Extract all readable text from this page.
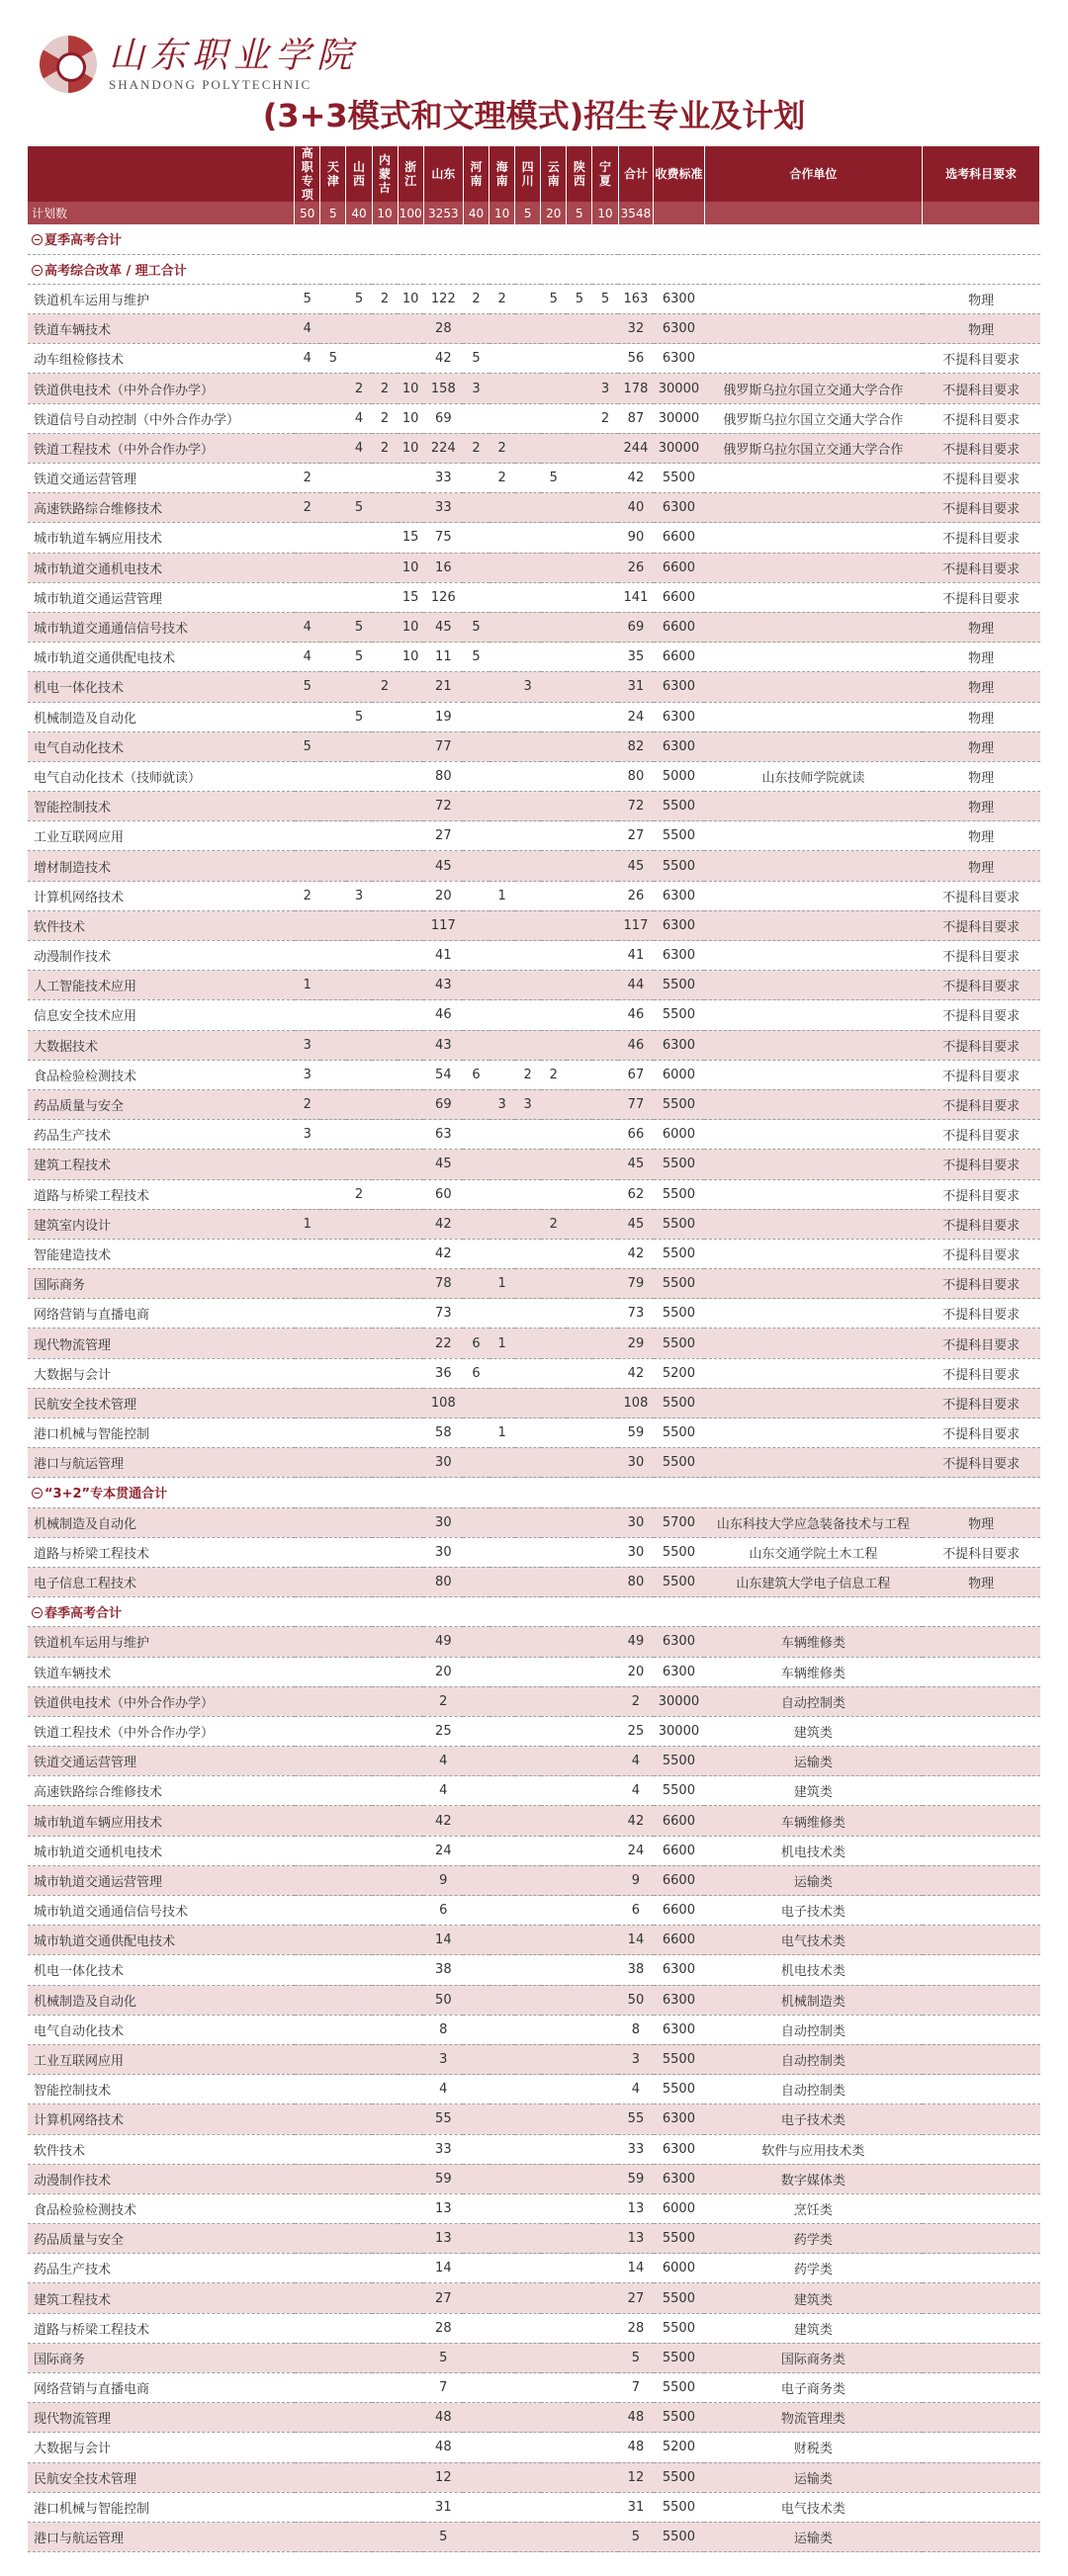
山东职业学院
SHANDONG POLYTECHNIC
(3+3模式和文理模式)招生专业及计划
	高职专项	天津	山西	内蒙古	浙江	山东	河南	海南	四川	云南	陕西	宁夏	合计	收费标准	合作单位	选考科目要求
计划数	50	5	40	10	100	3253	40	10	5	20	5	10	3548			
夏季高考合计																
高考综合改革 / 理工合计																
铁道机车运用与维护	5		5	2	10	122	2	2		5	5	5	163	6300		物理
铁道车辆技术	4					28							32	6300		物理
动车组检修技术	4	5				42	5						56	6300		不提科目要求
铁道供电技术（中外合作办学）			2	2	10	158	3					3	178	30000	俄罗斯乌拉尔国立交通大学合作	不提科目要求
铁道信号自动控制（中外合作办学）			4	2	10	69						2	87	30000	俄罗斯乌拉尔国立交通大学合作	不提科目要求
铁道工程技术（中外合作办学）			4	2	10	224	2	2					244	30000	俄罗斯乌拉尔国立交通大学合作	不提科目要求
铁道交通运营管理	2					33		2		5			42	5500		不提科目要求
高速铁路综合维修技术	2		5			33							40	6300		不提科目要求
城市轨道车辆应用技术					15	75							90	6600		不提科目要求
城市轨道交通机电技术					10	16							26	6600		不提科目要求
城市轨道交通运营管理					15	126							141	6600		不提科目要求
城市轨道交通通信信号技术	4		5		10	45	5						69	6600		物理
城市轨道交通供配电技术	4		5		10	11	5						35	6600		物理
机电一体化技术	5			2		21			3				31	6300		物理
机械制造及自动化			5			19							24	6300		物理
电气自动化技术	5					77							82	6300		物理
电气自动化技术（技师就读）						80							80	5000	山东技师学院就读	物理
智能控制技术						72							72	5500		物理
工业互联网应用						27							27	5500		物理
增材制造技术						45							45	5500		物理
计算机网络技术	2		3			20		1					26	6300		不提科目要求
软件技术						117							117	6300		不提科目要求
动漫制作技术						41							41	6300		不提科目要求
人工智能技术应用	1					43							44	5500		不提科目要求
信息安全技术应用						46							46	5500		不提科目要求
大数据技术	3					43							46	6300		不提科目要求
食品检验检测技术	3					54	6		2	2			67	6000		不提科目要求
药品质量与安全	2					69		3	3				77	5500		不提科目要求
药品生产技术	3					63							66	6000		不提科目要求
建筑工程技术						45							45	5500		不提科目要求
道路与桥梁工程技术			2			60							62	5500		不提科目要求
建筑室内设计	1					42				2			45	5500		不提科目要求
智能建造技术						42							42	5500		不提科目要求
国际商务						78		1					79	5500		不提科目要求
网络营销与直播电商						73							73	5500		不提科目要求
现代物流管理						22	6	1					29	5500		不提科目要求
大数据与会计						36	6						42	5200		不提科目要求
民航安全技术管理						108							108	5500		不提科目要求
港口机械与智能控制						58		1					59	5500		不提科目要求
港口与航运管理						30							30	5500		不提科目要求
“3+2”专本贯通合计																
机械制造及自动化						30							30	5700	山东科技大学应急装备技术与工程	物理
道路与桥梁工程技术						30							30	5500	山东交通学院土木工程	不提科目要求
电子信息工程技术						80							80	5500	山东建筑大学电子信息工程	物理
春季高考合计																
铁道机车运用与维护						49							49	6300	车辆维修类	
铁道车辆技术						20							20	6300	车辆维修类	
铁道供电技术（中外合作办学）						2							2	30000	自动控制类	
铁道工程技术（中外合作办学）						25							25	30000	建筑类	
铁道交通运营管理						4							4	5500	运输类	
高速铁路综合维修技术						4							4	5500	建筑类	
城市轨道车辆应用技术						42							42	6600	车辆维修类	
城市轨道交通机电技术						24							24	6600	机电技术类	
城市轨道交通运营管理						9							9	6600	运输类	
城市轨道交通通信信号技术						6							6	6600	电子技术类	
城市轨道交通供配电技术						14							14	6600	电气技术类	
机电一体化技术						38							38	6300	机电技术类	
机械制造及自动化						50							50	6300	机械制造类	
电气自动化技术						8							8	6300	自动控制类	
工业互联网应用						3							3	5500	自动控制类	
智能控制技术						4							4	5500	自动控制类	
计算机网络技术						55							55	6300	电子技术类	
软件技术						33							33	6300	软件与应用技术类	
动漫制作技术						59							59	6300	数字媒体类	
食品检验检测技术						13							13	6000	烹饪类	
药品质量与安全						13							13	5500	药学类	
药品生产技术						14							14	6000	药学类	
建筑工程技术						27							27	5500	建筑类	
道路与桥梁工程技术						28							28	5500	建筑类	
国际商务						5							5	5500	国际商务类	
网络营销与直播电商						7							7	5500	电子商务类	
现代物流管理						48							48	5500	物流管理类	
大数据与会计						48							48	5200	财税类	
民航安全技术管理						12							12	5500	运输类	
港口机械与智能控制						31							31	5500	电气技术类	
港口与航运管理						5							5	5500	运输类	
